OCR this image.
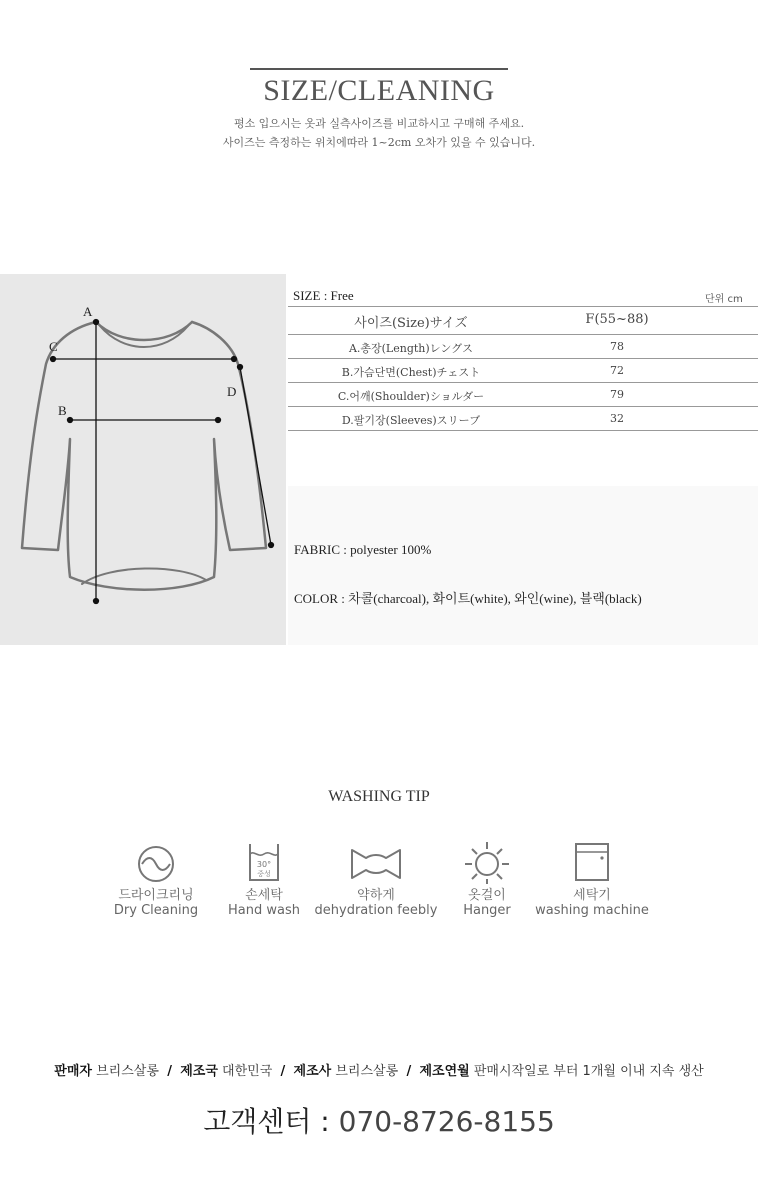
SIZE/CLEANING
평소 입으시는 옷과 실측사이즈를 비교하시고 구매해 주세요.
사이즈는 측정하는 위치에따라 1~2cm 오차가 있을 수 있습니다.
A
B
C
D
SIZE : Free	단위 cm
사이즈(Size)サイズ	F(55~88)
A.총장(Length)レングス	78
B.가슴단면(Chest)チェスト	72
C.어깨(Shoulder)ショルダー	79
D.팔기장(Sleeves)スリーブ	32
FABRIC : polyester 100%
COLOR : 차콜(charcoal), 화이트(white), 와인(wine), 블랙(black)
WASHING TIP
드라이크리닝
Dry Cleaning
30°
중성
손세탁
Hand wash
약하게
dehydration feebly
옷걸이
Hanger
세탁기
washing machine
판매자 브리스살롱 / 제조국 대한민국 / 제조사 브리스살롱 / 제조연월 판매시작일로 부터 1개월 이내 지속 생산
고객센터 : 070-8726-8155
